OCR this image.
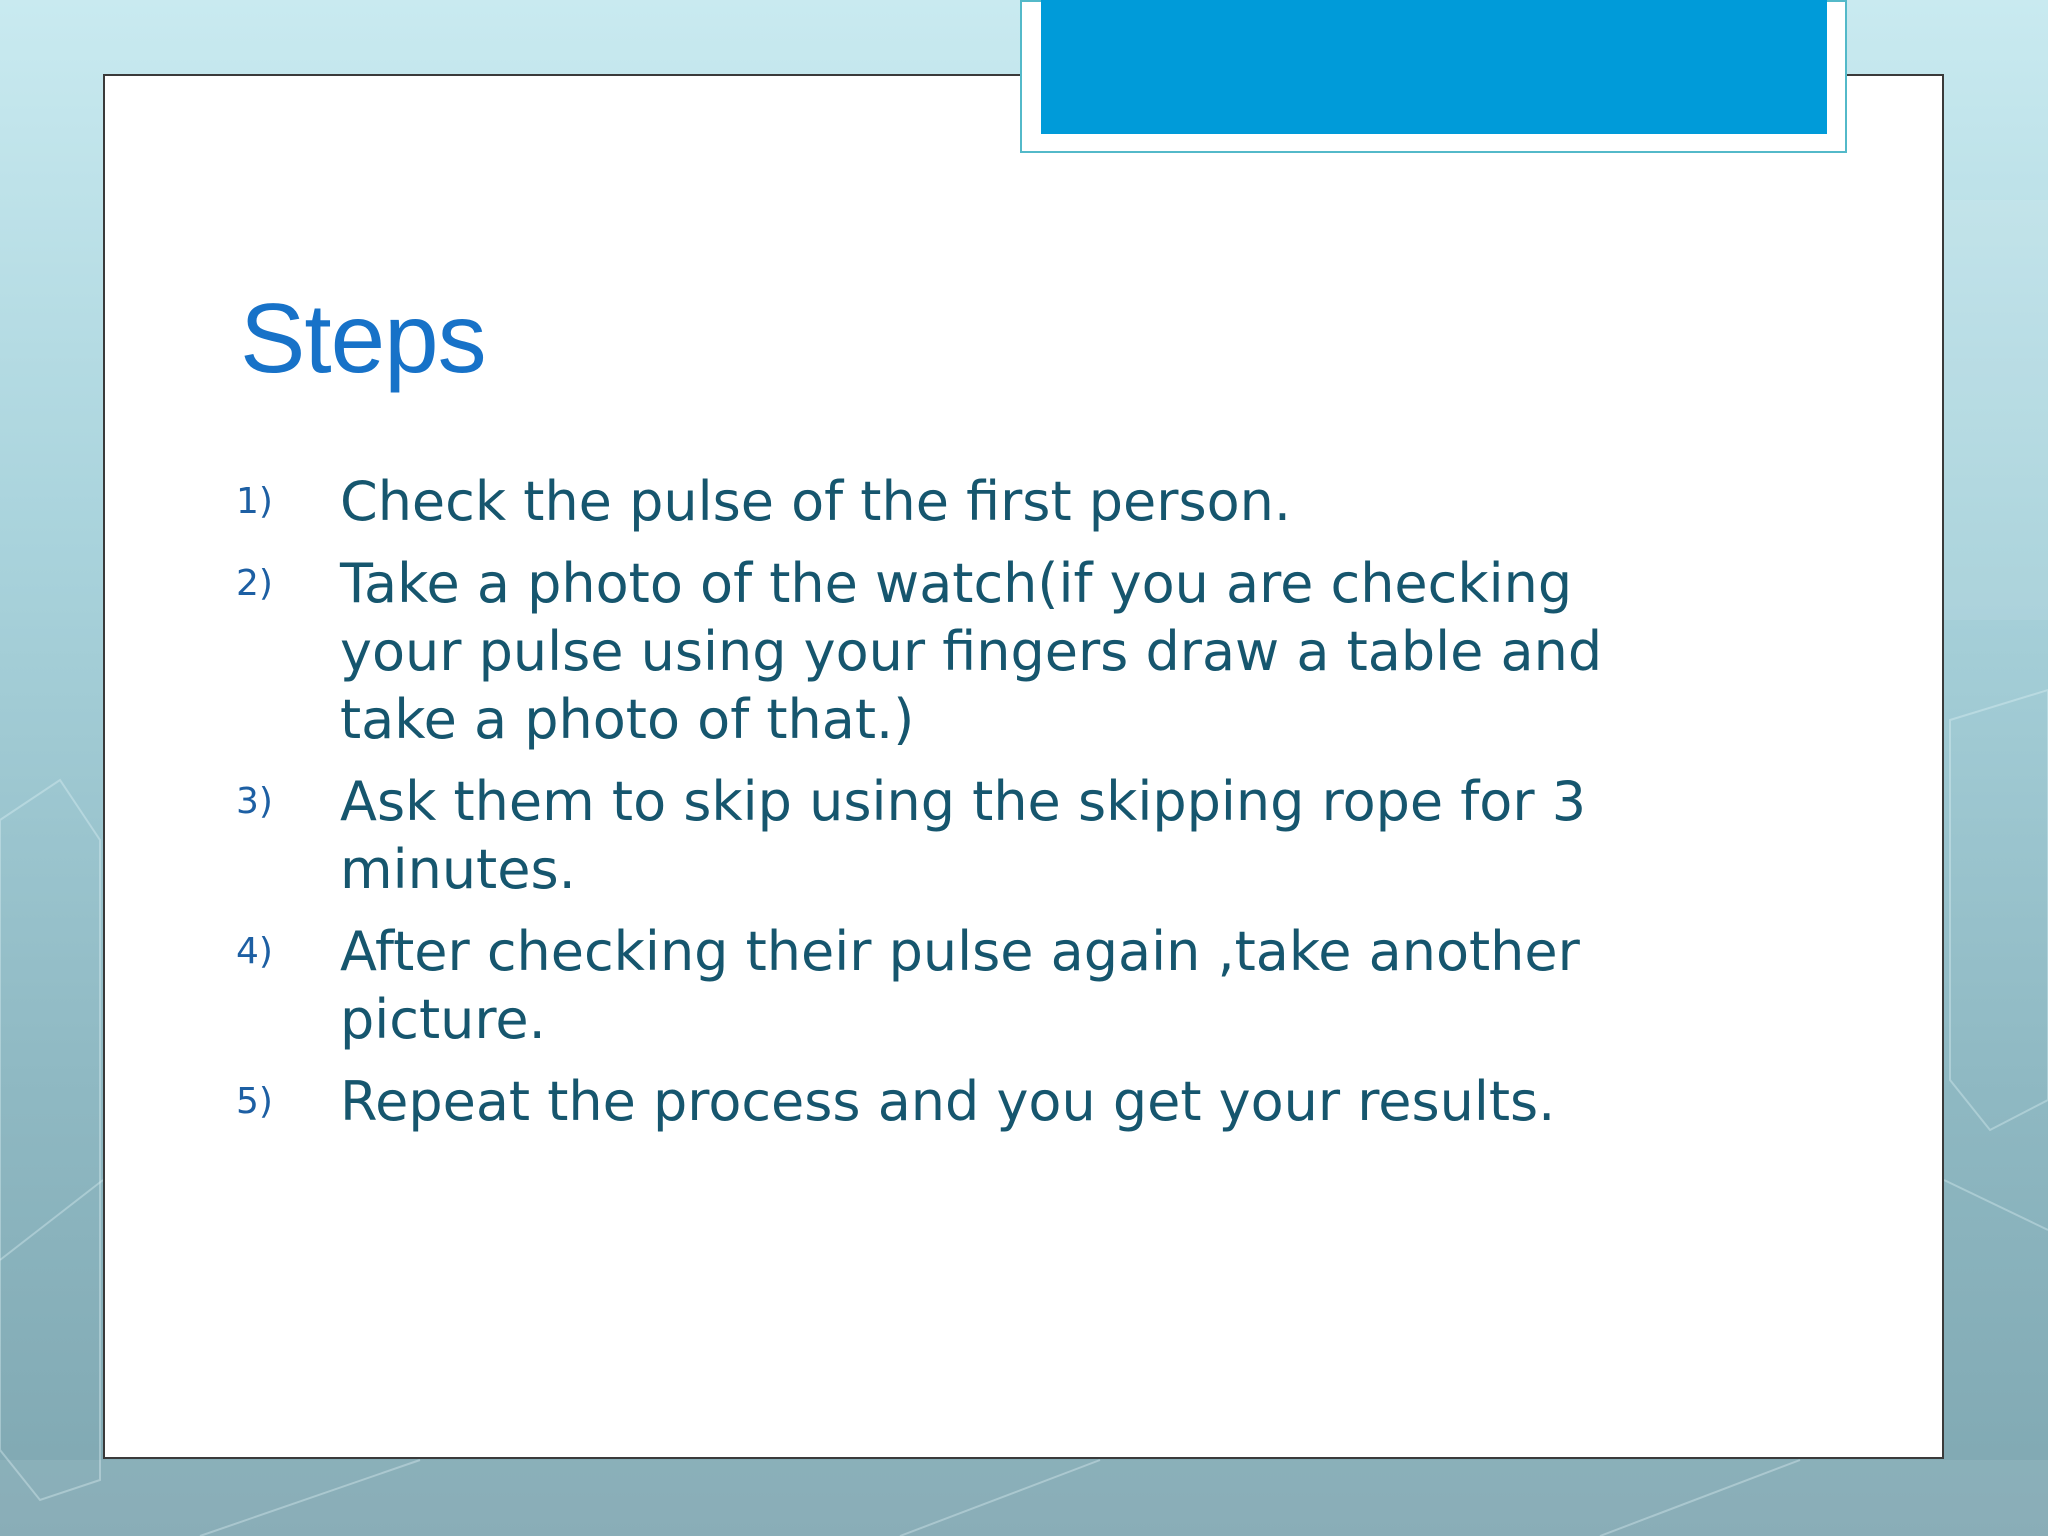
Steps
1)	Check the pulse of the first person.
2)	Take a photo of the watch(if you are checking your pulse using your fingers draw a table and take a photo of that.)
3)	Ask them to skip using the skipping rope for 3 minutes.
4)	After checking their pulse again ,take another picture.
5)	Repeat the process and you get your results.
